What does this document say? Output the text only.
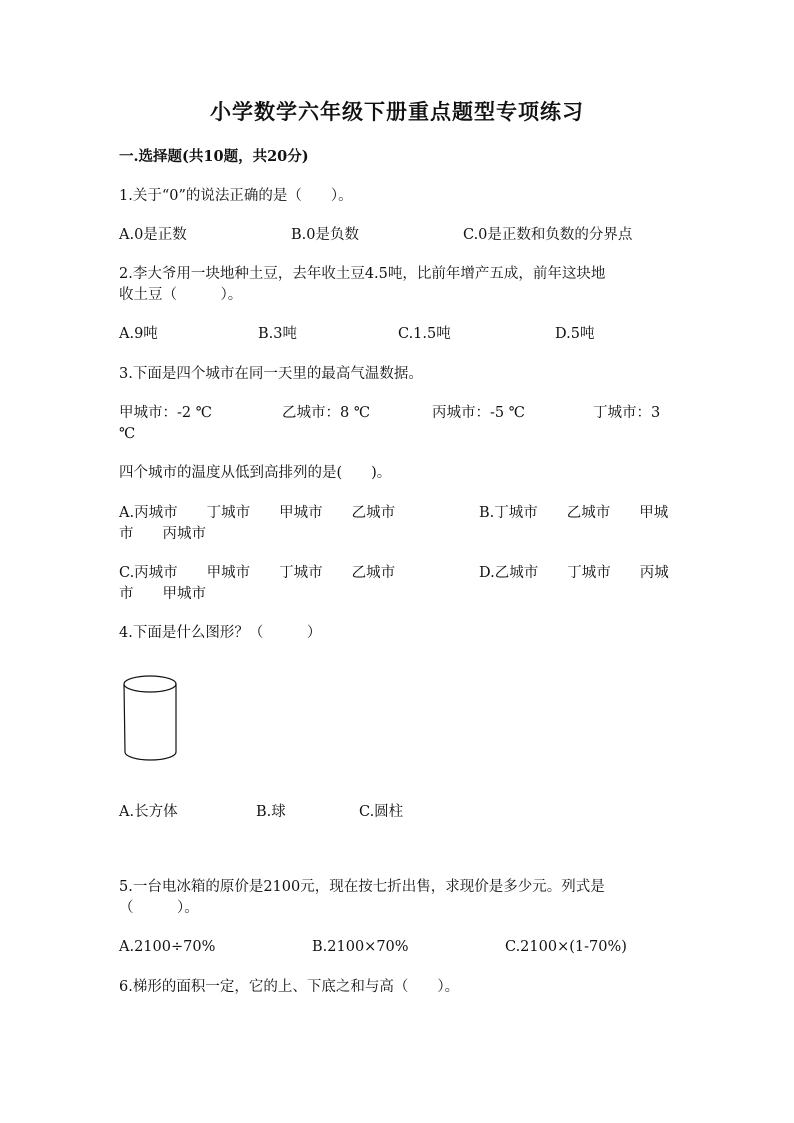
小学数学六年级下册重点题型专项练习
一.选择题(共10题，共20分)
1.关于“0”的说法正确的是（　　）。
A.0是正数	B.0是负数	C.0是正数和负数的分界点
2.李大爷用一块地种土豆，去年收土豆4.5吨，比前年增产五成，前年这块地
收土豆（　　　）。
A.9吨	B.3吨	C.1.5吨	D.5吨
3.下面是四个城市在同一天里的最高气温数据。
甲城市：-2 ℃	乙城市：8 ℃	丙城市：-5 ℃	丁城市：3
℃
四个城市的温度从低到高排列的是(　　)。
A.丙城市　　丁城市　　甲城市　　乙城市	B.丁城市　　乙城市　　甲城
市　　丙城市
C.丙城市　　甲城市　　丁城市　　乙城市	D.乙城市　　丁城市　　丙城
市　　甲城市
4.下面是什么图形？（　　　）
A.长方体	B.球	C.圆柱
5.一台电冰箱的原价是2100元，现在按七折出售，求现价是多少元。列式是
（　　　）。
A.2100÷70%	B.2100×70%	C.2100×(1-70%)
6.梯形的面积一定，它的上、下底之和与高（　　）。
